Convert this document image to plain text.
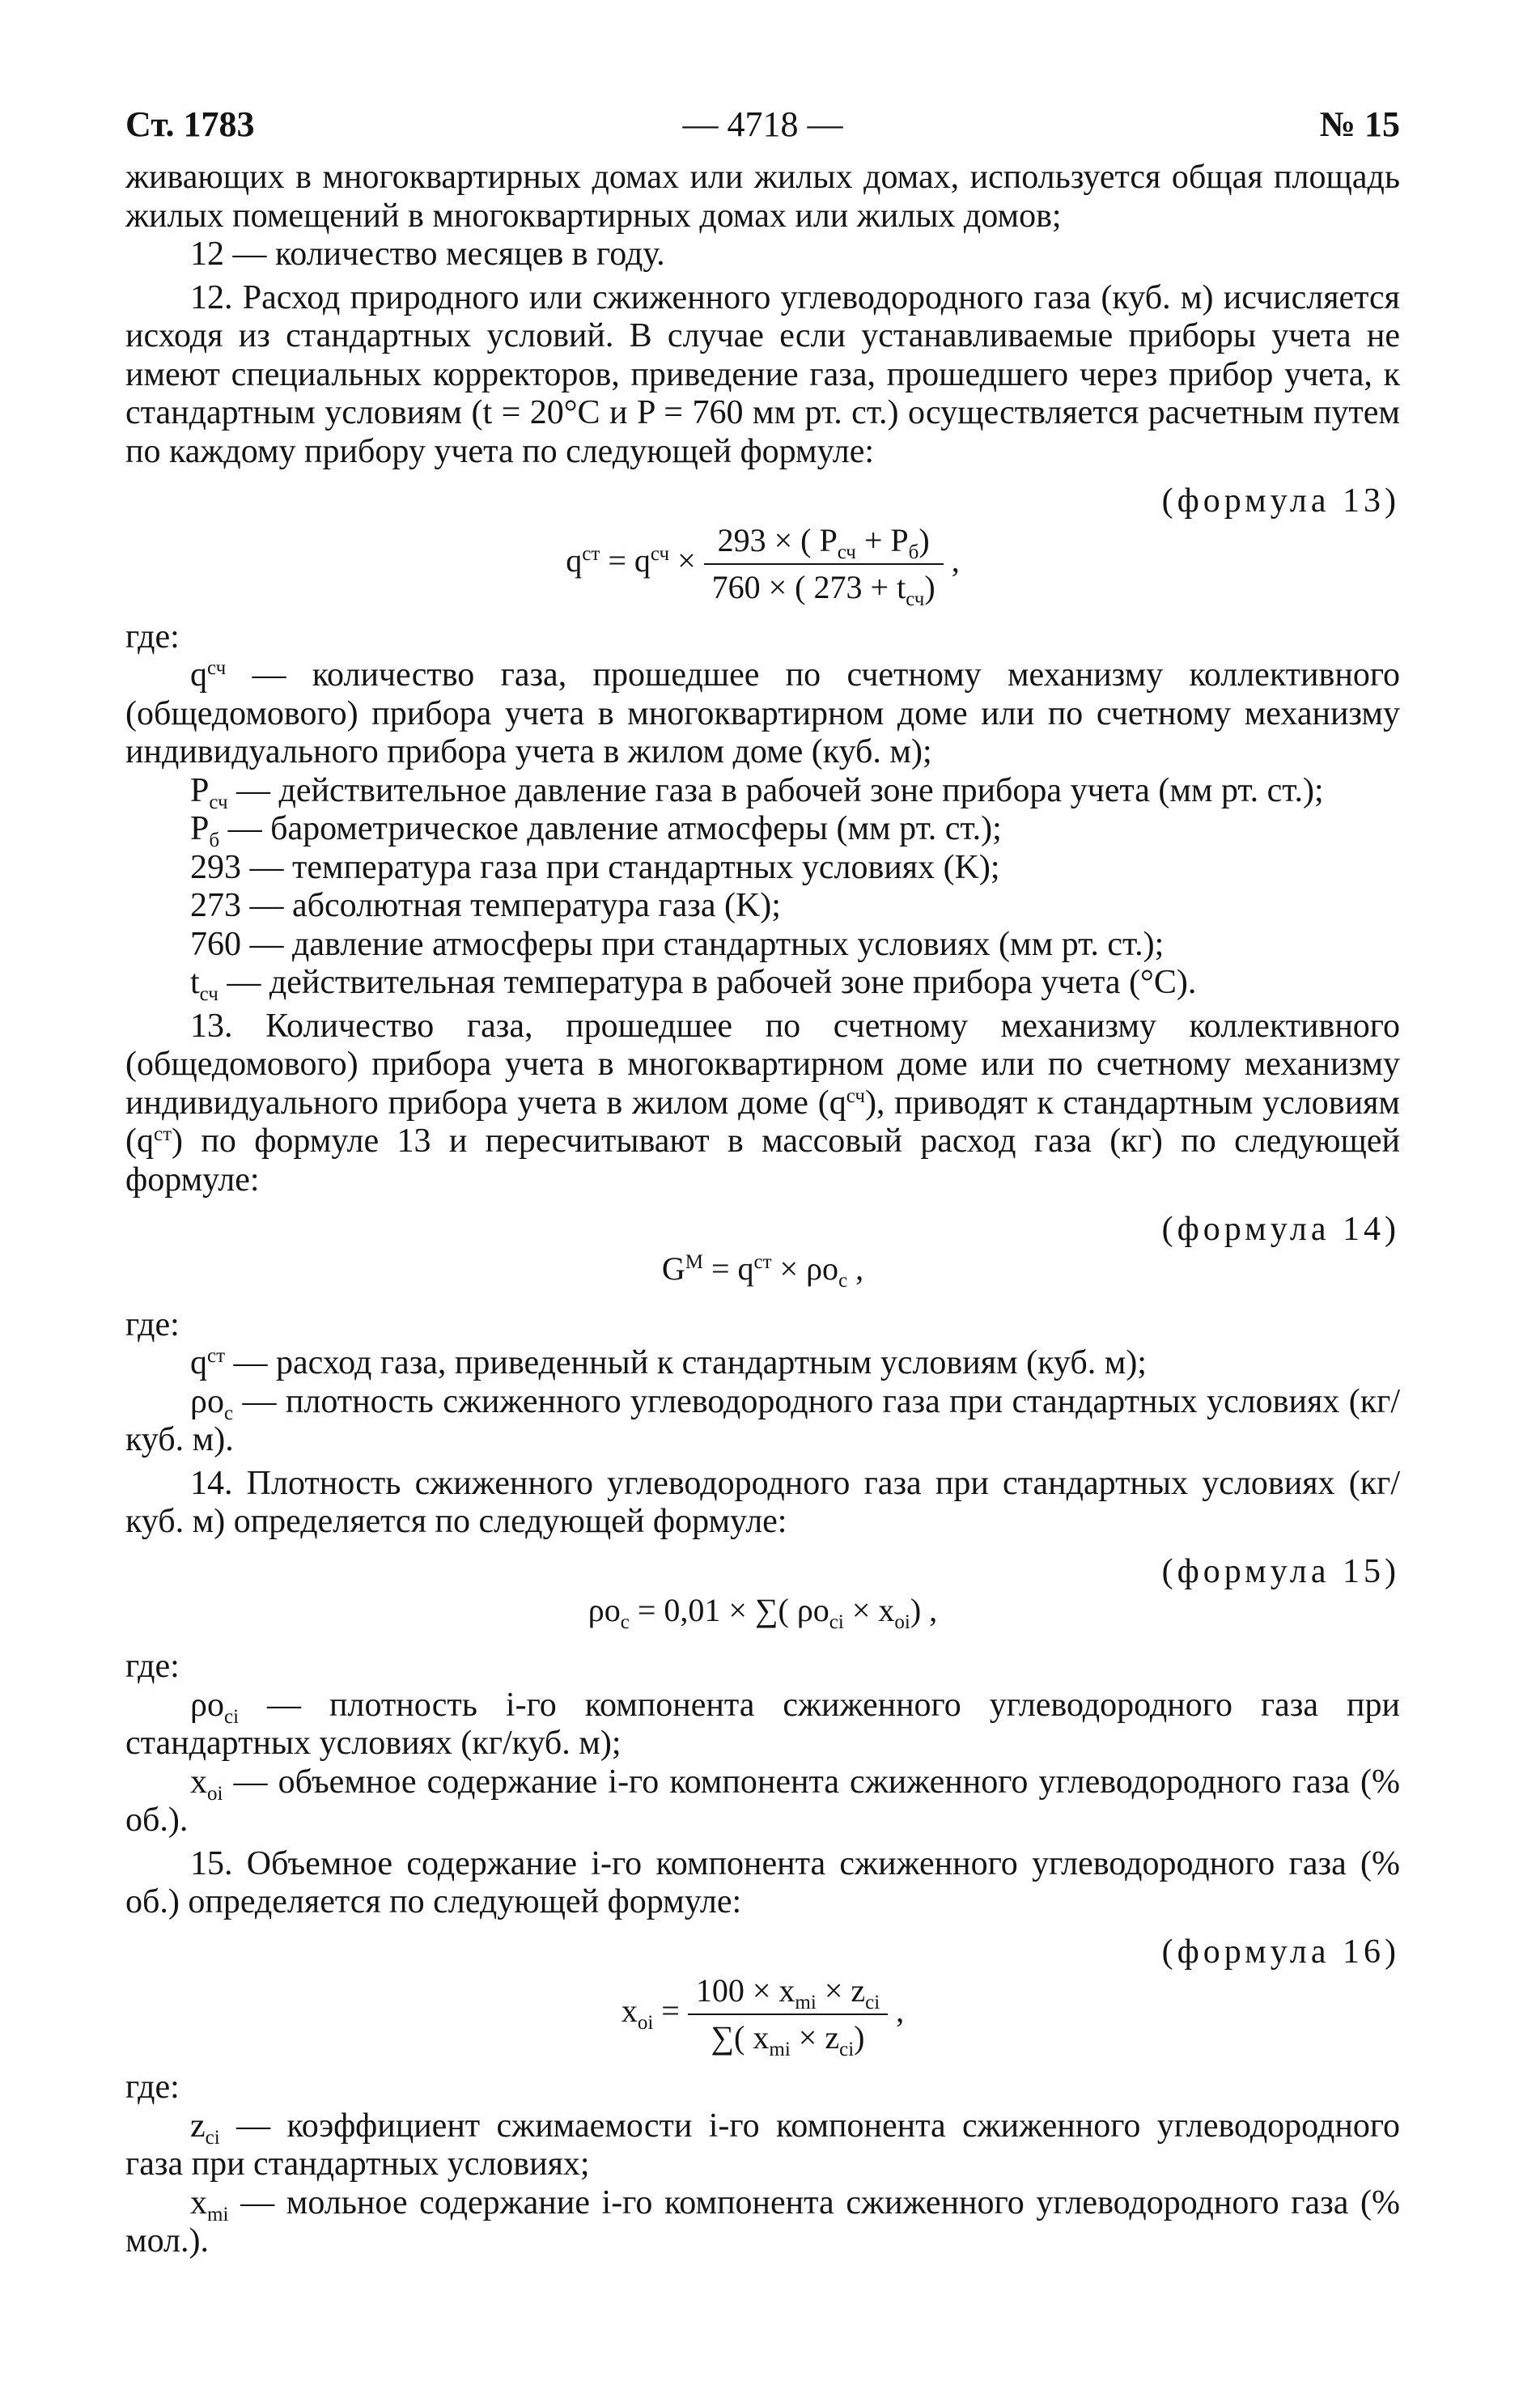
Ст. 1783	— 4718 —	№ 15

живающих в многоквартирных домах или жилых домах, используется общая площадь жилых помещений в многоквартирных домах или жилых домов;

12 — количество месяцев в году.

12. Расход природного или сжиженного углеводородного газа (куб. м) исчисляется исходя из стандартных условий. В случае если устанавливаемые приборы учета не имеют специальных корректоров, приведение газа, прошедшего через прибор учета, к стандартным условиям (t = 20°C и P = 760 мм рт. ст.) осуществляется расчетным путем по каждому прибору учета по следующей формуле:

(формула 13)

$q^{ст} = q^{сч} \times \frac{293 \times ( P_{сч} + P_б)}{760 \times ( 273 + t_{сч})}$ ,

где:

$q^{сч}$ — количество газа, прошедшее по счетному механизму коллективного (общедомового) прибора учета в многоквартирном доме или по счетному механизму индивидуального прибора учета в жилом доме (куб. м);

$P_{сч}$ — действительное давление газа в рабочей зоне прибора учета (мм рт. ст.);

$P_б$ — барометрическое давление атмосферы (мм рт. ст.);

293 — температура газа при стандартных условиях (K);

273 — абсолютная температура газа (K);

760 — давление атмосферы при стандартных условиях (мм рт. ст.);

$t_{сч}$ — действительная температура в рабочей зоне прибора учета (°C).

13. Количество газа, прошедшее по счетному механизму коллективного (общедомового) прибора учета в многоквартирном доме или по счетному механизму индивидуального прибора учета в жилом доме $(q^{сч})$, приводят к стандартным условиям $(q^{ст})$ по формуле 13 и пересчитывают в массовый расход газа (кг) по следующей формуле:

(формула 14)

$G^М = q^{ст} \times \rho o_с$ ,

где:

$q^{ст}$ — расход газа, приведенный к стандартным условиям (куб. м);

$\rho o_с$ — плотность сжиженного углеводородного газа при стандартных условиях (кг/куб. м).

14. Плотность сжиженного углеводородного газа при стандартных условиях (кг/куб. м) определяется по следующей формуле:

(формула 15)

$\rho o_с = 0,01$ × ∑( $\rho o_{ci} \times x_{oi}$) ,

где:

$\rho o_{ci}$ — плотность i-го компонента сжиженного углеводородного газа при стандартных условиях (кг/куб. м);

$x_{oi}$ — объемное содержание i-го компонента сжиженного углеводородного газа (% об.).

15. Объемное содержание i-го компонента сжиженного углеводородного газа (% об.) определяется по следующей формуле:

(формула 16)

$x_{oi} = \frac{100 \times x_{mi} \times z_{ci}}{\sum( x_{mi} \times z_{ci})}$ ,

где:

$z_{ci}$ — коэффициент сжимаемости i-го компонента сжиженного углеводородного газа при стандартных условиях;

$x_{mi}$ — мольное содержание i-го компонента сжиженного углеводородного газа (% мол.).
